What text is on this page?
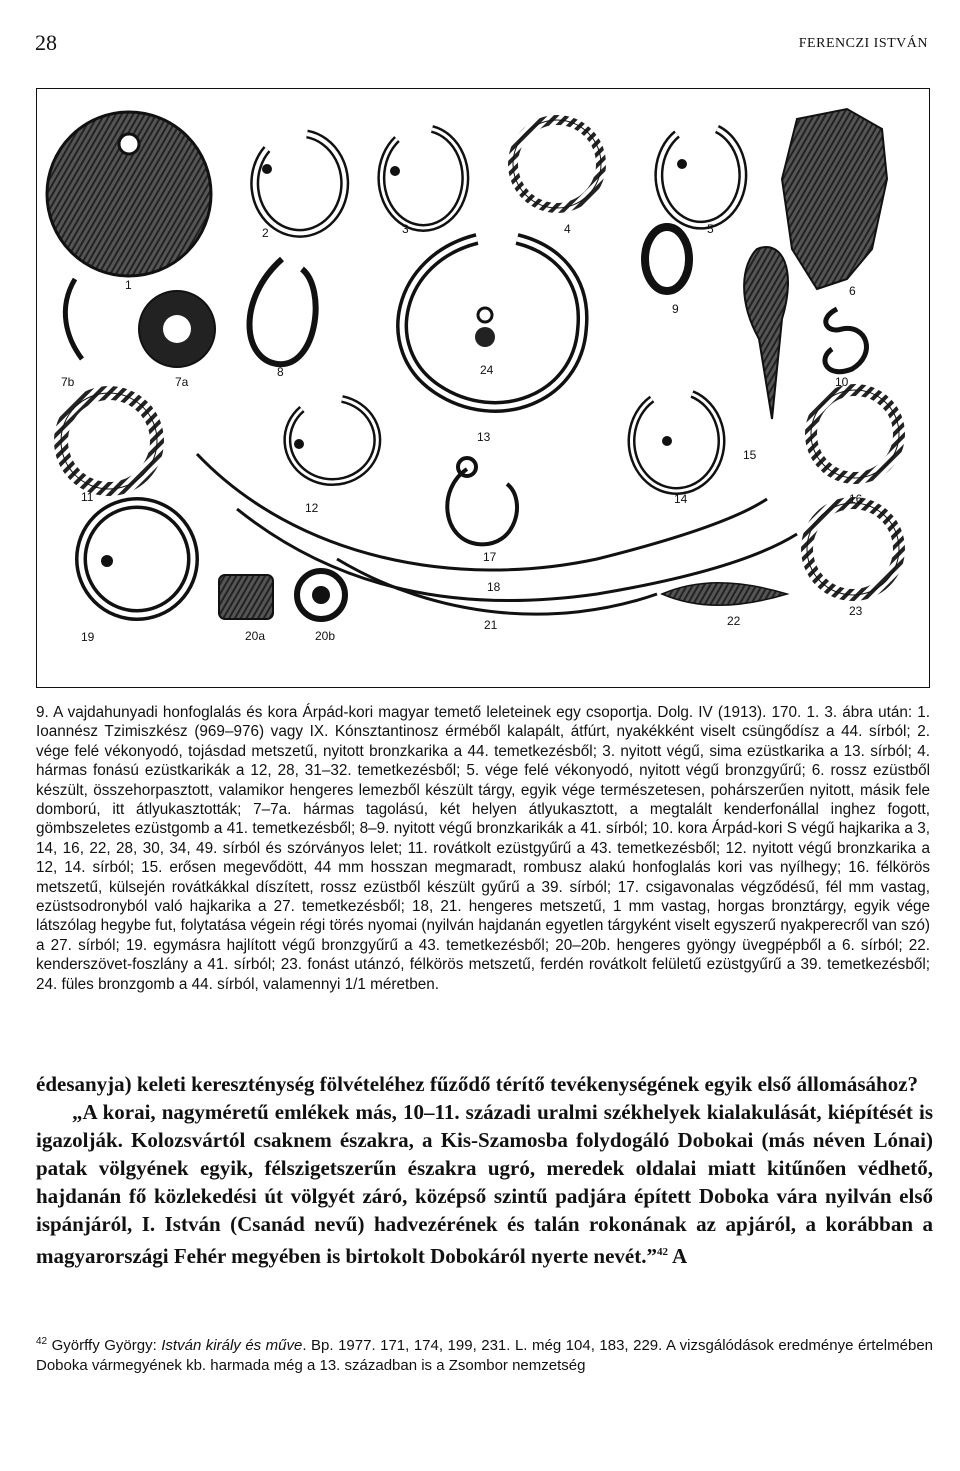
28	FERENCZI ISTVÁN
2	3	4	5
1	6
7b	7a
8
9
10
24
11
12
13
14
15
16
17
18
19	20a	20b
21	22
23
9. A vajdahunyadi honfoglalás és kora Árpád-kori magyar temető leleteinek egy csoportja. Dolg. IV (1913). 170. 1. 3. ábra után: 1. Ioannész Tzimiszkész (969–976) vagy IX. Kónsztantinosz érméből kalapált, átfúrt, nyakékként viselt csüngődísz a 44. sírból; 2. vége felé vékonyodó, tojásdad metszetű, nyitott bronzkarika a 44. temetkezésből; 3. nyitott végű, sima ezüstkarika a 13. sírból; 4. hármas fonású ezüstkarikák a 12, 28, 31–32. temetkezésből; 5. vége felé vékonyodó, nyitott végű bronzgyűrű; 6. rossz ezüstből készült, összehorpasztott, valamikor hengeres lemezből készült tárgy, egyik vége természetesen, pohárszerűen nyitott, másik fele domború, itt átlyukasztották; 7–7a. hármas tagolású, két helyen átlyukasztott, a megtalált kenderfonállal inghez fogott, gömbszeletes ezüstgomb a 41. temetkezésből; 8–9. nyitott végű bronzkarikák a 41. sírból; 10. kora Árpád-kori S végű hajkarika a 3, 14, 16, 22, 28, 30, 34, 49. sírból és szórványos lelet; 11. rovátkolt ezüstgyűrű a 43. temetkezésből; 12. nyitott végű bronzkarika a 12, 14. sírból; 15. erősen megevődött, 44 mm hosszan megmaradt, rombusz alakú honfoglalás kori vas nyílhegy; 16. félkörös metszetű, külsején rovátkákkal díszített, rossz ezüstből készült gyűrű a 39. sírból; 17. csigavonalas végződésű, fél mm vastag, ezüstsodronyból való hajkarika a 27. temetkezésből; 18, 21. hengeres metszetű, 1 mm vastag, horgas bronztárgy, egyik vége látszólag hegybe fut, folytatása végein régi törés nyomai (nyilván hajdanán egyetlen tárgyként viselt egyszerű nyakperecről van szó) a 27. sírból; 19. egymásra hajlított végű bronzgyűrű a 43. temetkezésből; 20–20b. hengeres gyöngy üvegpépből a 6. sírból; 22. kenderszövet-foszlány a 41. sírból; 23. fonást utánzó, félkörös metszetű, ferdén rovátkolt felületű ezüstgyűrű a 39. temetkezésből; 24. füles bronzgomb a 44. sírból, valamennyi 1/1 méretben.

édesanyja) keleti kereszténység fölvételéhez fűződő térítő tevékenységének egyik első állomásához?

„A korai, nagyméretű emlékek más, 10–11. századi uralmi székhelyek kialakulását, kiépítését is igazolják. Kolozsvártól csaknem északra, a Kis-Szamosba folydogáló Dobokai (más néven Lónai) patak völgyének egyik, félszigetszerűn északra ugró, meredek oldalai miatt kitűnően védhető, hajdanán fő közlekedési út völgyét záró, középső szintű padjára épített Doboka vára nyilván első ispánjáról, I. István (Csanád nevű) hadvezérének és talán rokonának az apjáról, a korábban a magyarországi Fehér megyében is birtokolt Dobokáról nyerte nevét.”$^{42}$ A

$^{42}$ Györffy György: István király és műve. Bp. 1977. 171, 174, 199, 231. L. még 104, 183, 229. A vizsgálódások eredménye értelmében Doboka vármegyének kb. harmada még a 13. században is a Zsombor nemzetség
